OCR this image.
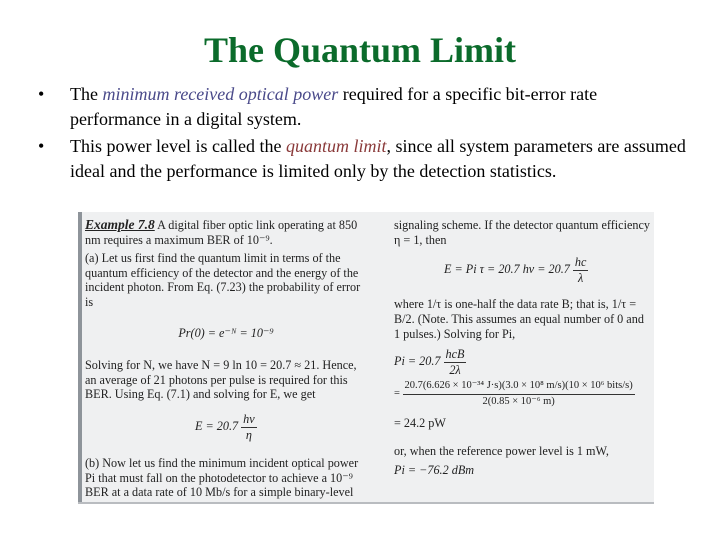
The Quantum Limit
• The minimum received optical power required for a specific bit-error rate performance in a digital system.
• This power level is called the quantum limit, since all system parameters are assumed ideal and the performance is limited only by the detection statistics.
Example 7.8 A digital fiber optic link operating at 850 nm requires a maximum BER of 10⁻⁹.
(a) Let us first find the quantum limit in terms of the quantum efficiency of the detector and the energy of the incident photon. From Eq. (7.23) the probability of error is
Pr(0) = e⁻ᴺ = 10⁻⁹
Solving for N, we have N = 9 ln 10 = 20.7 ≈ 21. Hence, an average of 21 photons per pulse is required for this BER. Using Eq. (7.1) and solving for E, we get
$E = 20.7 \frac{h\nu}{\eta}$
(b) Now let us find the minimum incident optical power Pi that must fall on the photodetector to achieve a 10⁻⁹ BER at a data rate of 10 Mb/s for a simple binary-level
signaling scheme. If the detector quantum efficiency η = 1, then
E = Pi τ = 20.7 $h\nu = 20.7 \frac{hc}{\lambda}$
where 1/τ is one-half the data rate B; that is, 1/τ = B/2. (Note. This assumes an equal number of 0 and 1 pulses.) Solving for Pi,
$Pi = 20.7 \frac{\text{hcB}}{2\lambda}$
= $\frac{\text{20.7(6.626 × 10⁻³⁴ J·s)(3.0 × 10⁸ m/s)(10 × 10⁶ bits/s)}}{\text{2(0.85 × 10⁻⁶ m)}}$
= 24.2 pW
or, when the reference power level is 1 mW,
Pi = −76.2 dBm
